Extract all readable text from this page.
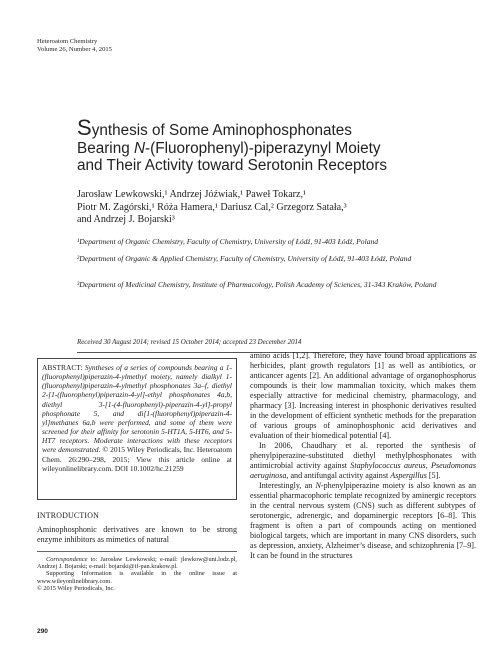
Heteroatom Chemistry
Volume 26, Number 4, 2015
Synthesis of Some Aminophosphonates
Bearing N-(Fluorophenyl)-piperazynyl Moiety
and Their Activity toward Serotonin Receptors
Jarosław Lewkowski,¹ Andrzej Jóźwiak,¹ Paweł Tokarz,¹
Piotr M. Zagórski,¹ Róża Hamera,¹ Dariusz Cal,² Grzegorz Satała,³
and Andrzej J. Bojarski³
¹Department of Organic Chemistry, Faculty of Chemistry, University of Łódź, 91-403 Łódź, Poland
²Department of Organic & Applied Chemistry, Faculty of Chemistry, University of Łódź, 91-403 Łódź, Poland
³Department of Medicinal Chemistry, Institute of Pharmacology, Polish Academy of Sciences, 31-343 Kraków, Poland
Received 30 August 2014; revised 15 October 2014; accepted 23 December 2014
ABSTRACT: Syntheses of a series of compounds bearing a 1-(fluorophenyl)piperazin-4-ylmethyl moiety, namely dialkyl 1-(fluorophenyl)piperazin-4-ylmethyl phosphonates 3a–f, diethyl 2-[1-(fluorophenyl)piperazin-4-yl]-ethyl phosphonates 4a,b, diethyl 3-[1-(4-fluorophenyl)-piperazin-4-yl]-propyl phosphonate 5, and di[1-(fluorophenyl)piperazin-4-yl]methanes 6a,b were performed, and some of them were screened for their affinity for serotonin 5-HT1A, 5-HT6, and 5-HT7 receptors. Moderate interactions with these receptors were demonstrated. © 2015 Wiley Periodicals, Inc. Heteroatom Chem. 26:290–298, 2015; View this article online at wileyonlinelibrary.com. DOI 10.1002/hc.21259
INTRODUCTION
Aminophosphonic derivatives are known to be strong enzyme inhibitors as mimetics of natural
Correspondence to: Jarosław Lewkowski; e-mail: jlewkow@uni.lodz.pl, Andrzej J. Bojarski; e-mail: bojarski@if-pan.krakow.pl.
Supporting Information is available in the online issue at www.wileyonlinelibrary.com.
© 2015 Wiley Periodicals, Inc.

amino acids [1,2]. Therefore, they have found broad applications as herbicides, plant growth regulators [1] as well as antibiotics, or anticancer agents [2]. An additional advantage of organophosphorus compounds is their low mammalian toxicity, which makes them especially attractive for medicinal chemistry, pharmacology, and pharmacy [3]. Increasing interest in phosphonic derivatives resulted in the development of efficient synthetic methods for the preparation of various groups of aminophosphonic acid derivatives and evaluation of their biomedical potential [4].

In 2006, Chaudhary et al. reported the synthesis of phenylpiperazine-substituted diethyl methylphosphonates with antimicrobial activity against Staphylococcus aureus, Pseudomonas aeruginosa, and antifungal activity against Aspergillus [5].

Interestingly, an N-phenylpiperazine moiety is also known as an essential pharmacophoric template recognized by aminergic receptors in the central nervous system (CNS) such as different subtypes of serotonergic, adrenergic, and dopaminergic receptors [6–8]. This fragment is often a part of compounds acting on mentioned biological targets, which are important in many CNS disorders, such as depression, anxiety, Alzheimer’s disease, and schizophrenia [7–9]. It can be found in the structures

290
